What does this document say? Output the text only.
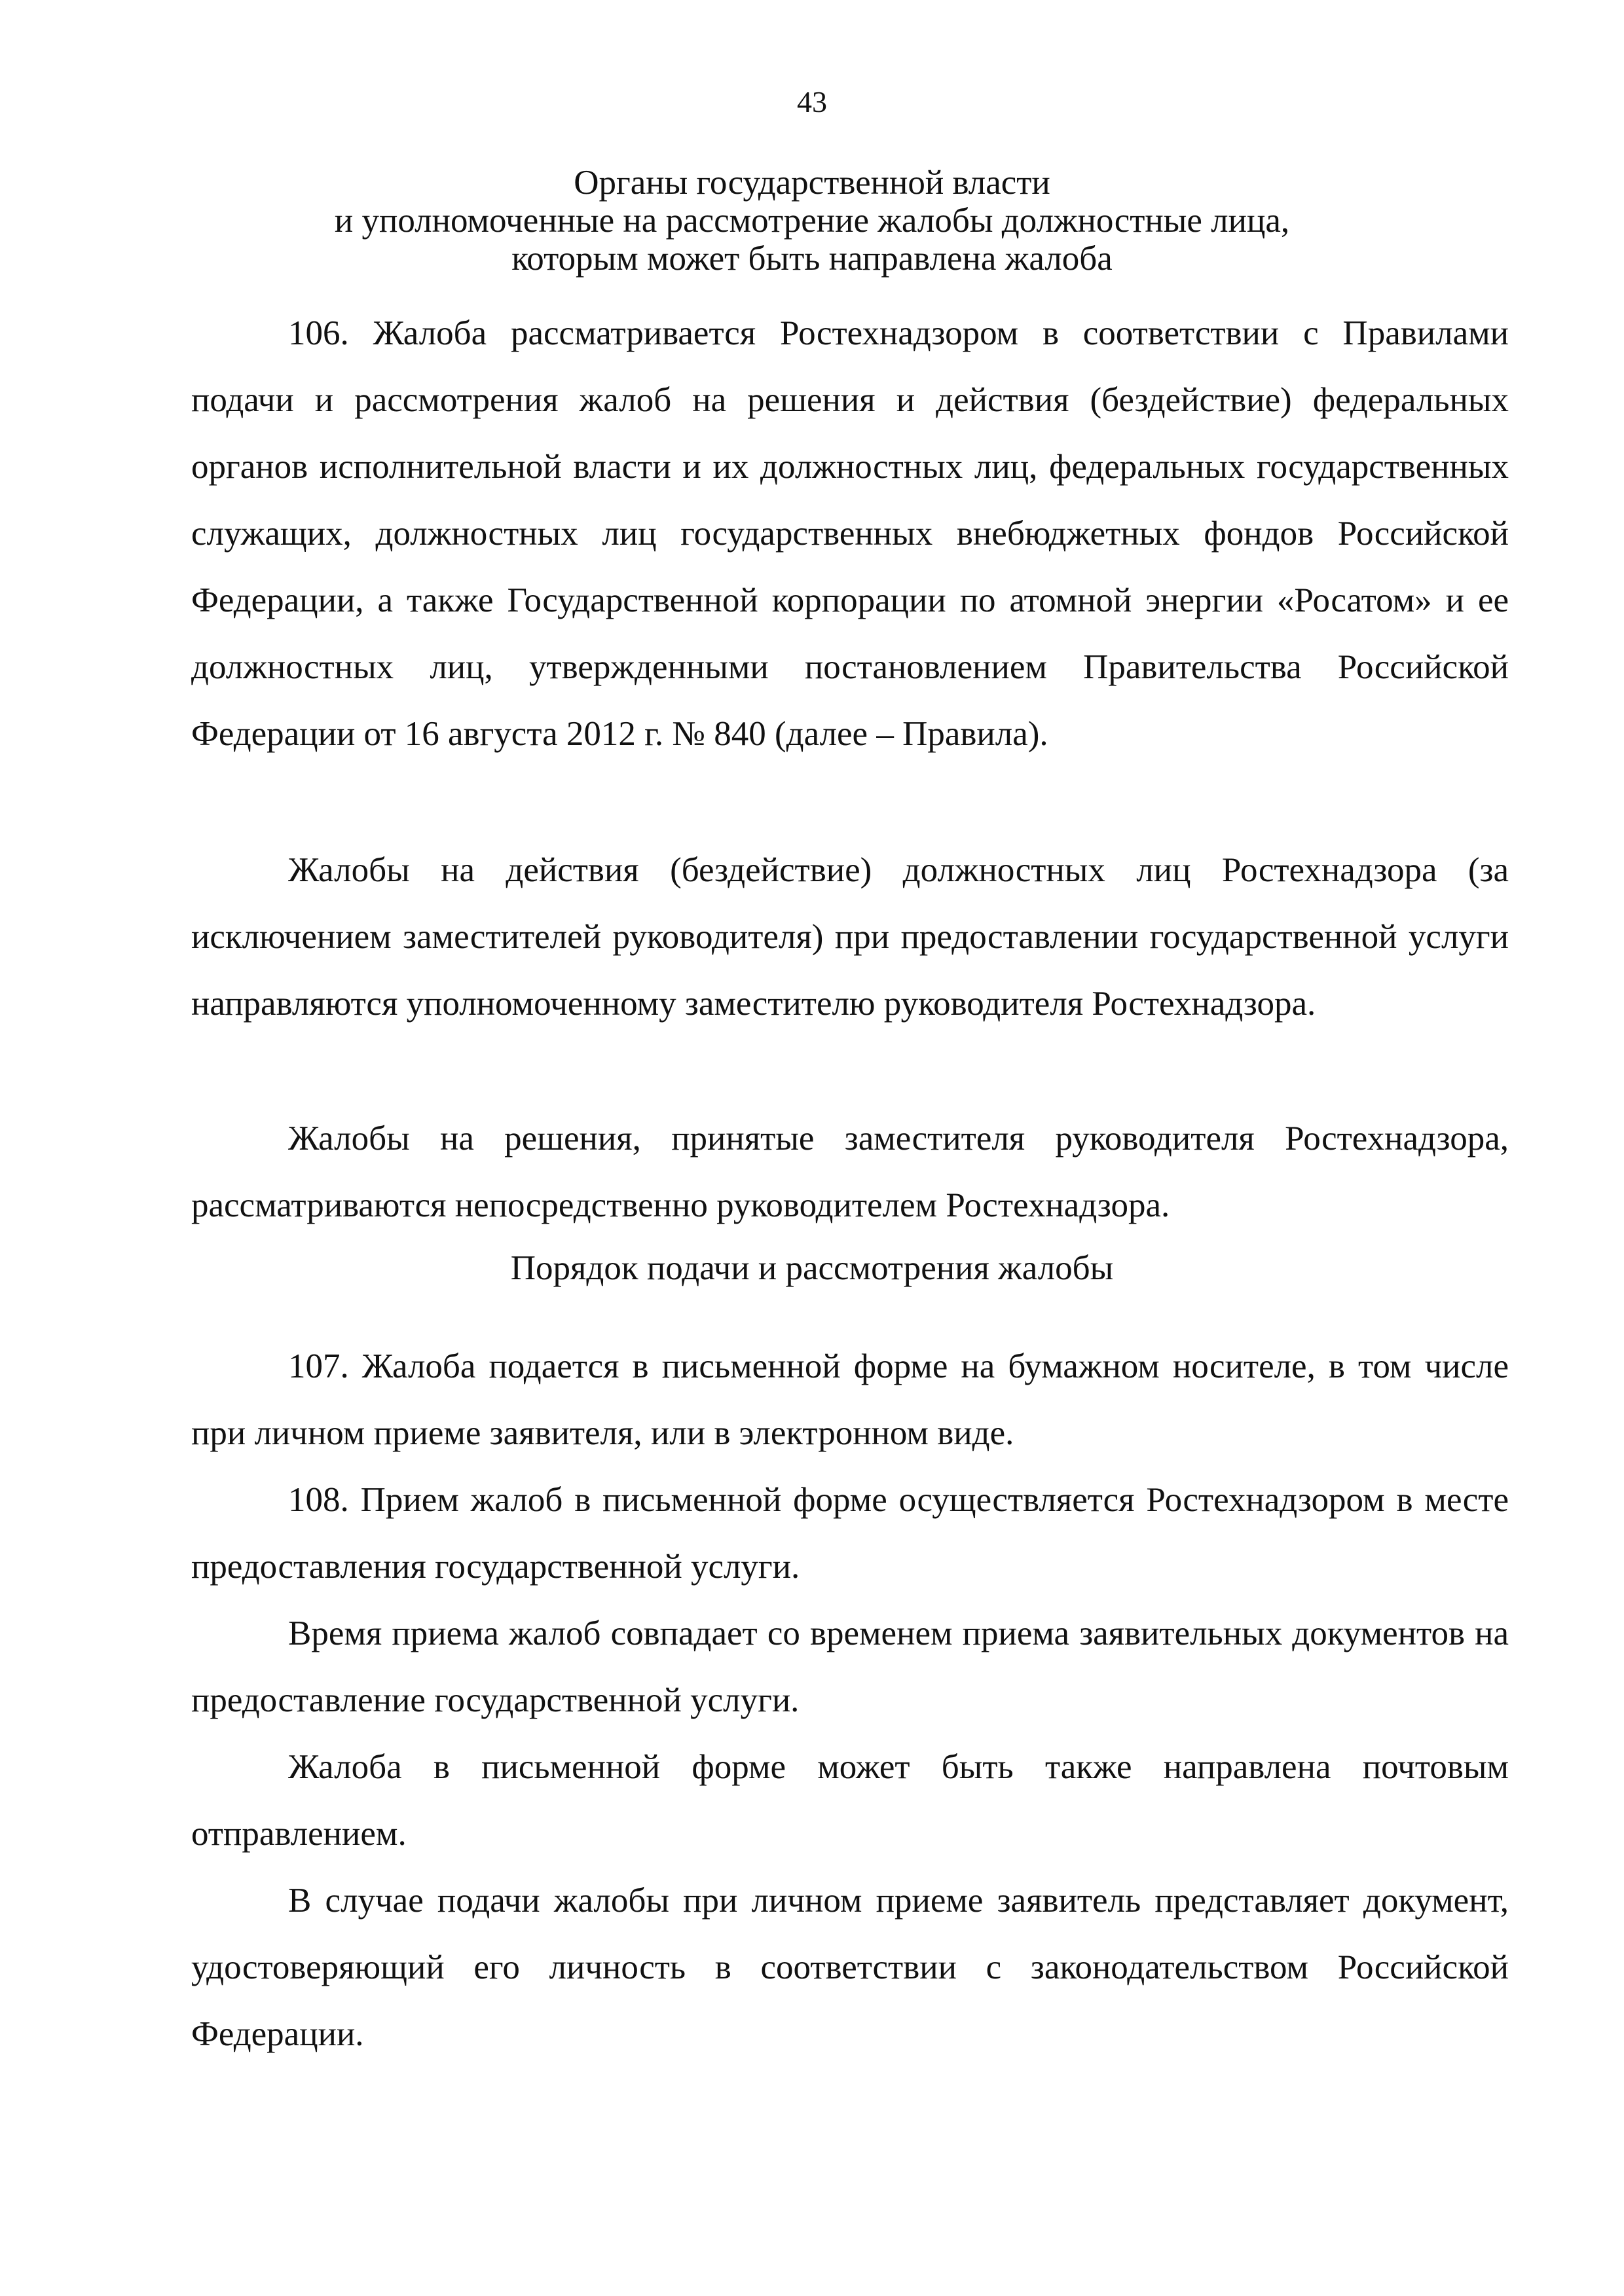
43
Органы государственной власти
и уполномоченные на рассмотрение жалобы должностные лица,
которым может быть направлена жалоба

106. Жалоба рассматривается Ростехнадзором в соответствии с Правилами подачи и рассмотрения жалоб на решения и действия (бездействие) федеральных органов исполнительной власти и их должностных лиц, федеральных государственных служащих, должностных лиц государственных внебюджетных фондов Российской Федерации, а также Государственной корпорации по атомной энергии «Росатом» и ее должностных лиц, утвержденными постановлением Правительства Российской Федерации от 16 августа 2012 г. № 840 (далее – Правила).

Жалобы на действия (бездействие) должностных лиц Ростехнадзора (за исключением заместителей руководителя) при предоставлении государственной услуги направляются уполномоченному заместителю руководителя Ростехнадзора.

Жалобы на решения, принятые заместителя руководителя Ростехнадзора, рассматриваются непосредственно руководителем Ростехнадзора.

Порядок подачи и рассмотрения жалобы

107. Жалоба подается в письменной форме на бумажном носителе, в том числе при личном приеме заявителя, или в электронном виде.

108. Прием жалоб в письменной форме осуществляется Ростехнадзором в месте предоставления государственной услуги.

Время приема жалоб совпадает со временем приема заявительных документов на предоставление государственной услуги.

Жалоба в письменной форме может быть также направлена почтовым отправлением.

В случае подачи жалобы при личном приеме заявитель представляет документ, удостоверяющий его личность в соответствии с законодательством Российской Федерации.
